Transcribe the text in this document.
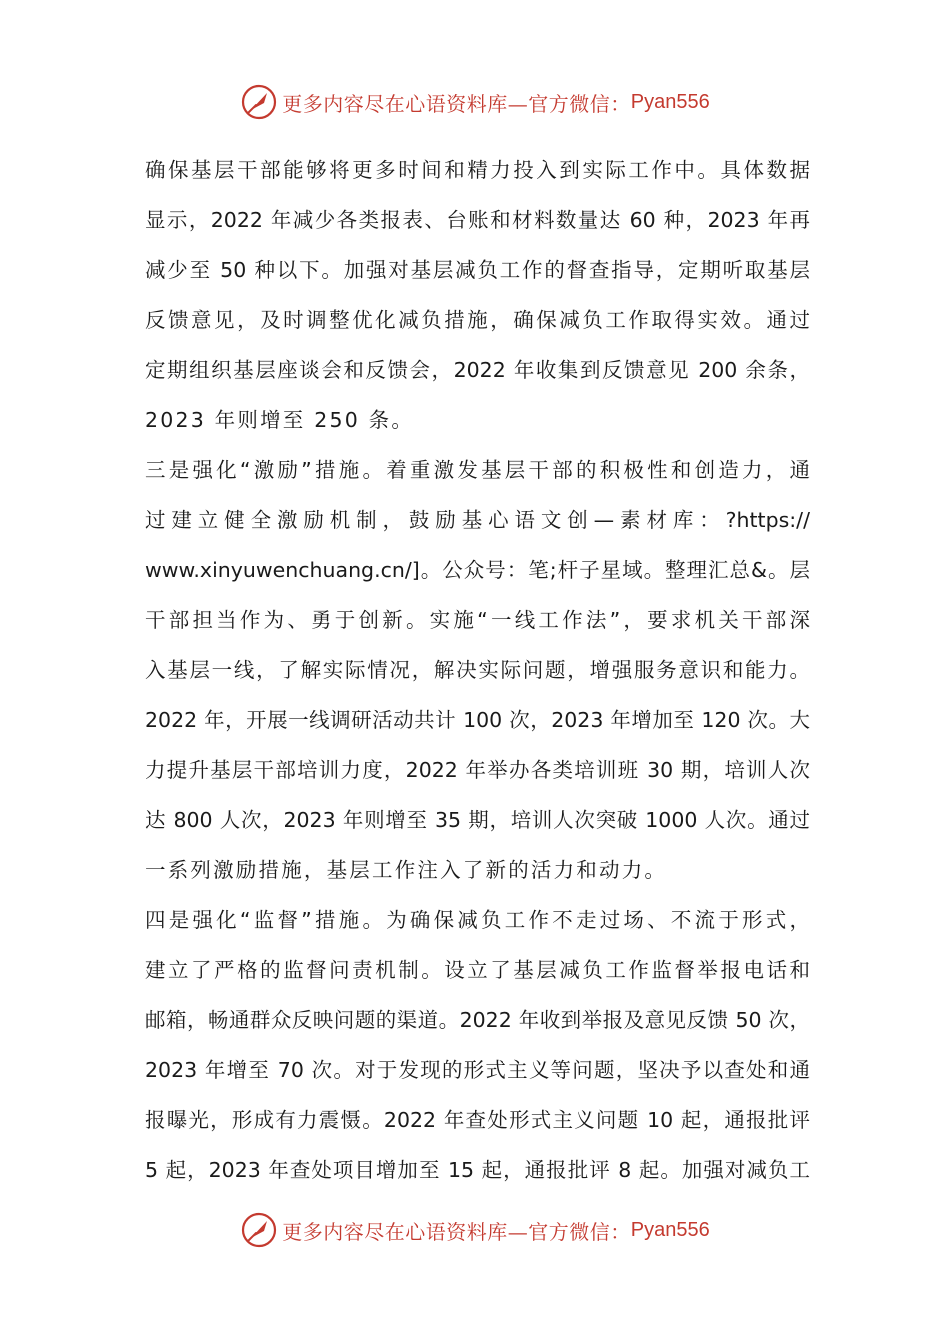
更多内容尽在心语资料库—官方微信： Pyan556
确保基层干部能够将更多时间和精力投入到实际工作中。具体数据
显示，2022 年减少各类报表、台账和材料数量达 60 种，2023 年再
减少至 50 种以下。加强对基层减负工作的督查指导，定期听取基层
反馈意见，及时调整优化减负措施，确保减负工作取得实效。通过
定期组织基层座谈会和反馈会，2022 年收集到反馈意见 200 余条，
2023 年则增至 250 条。
三是强化“激励”措施。着重激发基层干部的积极性和创造力，通
过建立健全激励机制，鼓励基心语文创—素材库：?https://
www.xinyuwenchuang.cn/]。公众号：笔;杆子星域。整理汇总&。层
干部担当作为、勇于创新。实施“一线工作法”，要求机关干部深
入基层一线，了解实际情况，解决实际问题，增强服务意识和能力。
2022 年，开展一线调研活动共计 100 次，2023 年增加至 120 次。大
力提升基层干部培训力度，2022 年举办各类培训班 30 期，培训人次
达 800 人次，2023 年则增至 35 期，培训人次突破 1000 人次。通过
一系列激励措施，基层工作注入了新的活力和动力。
四是强化“监督”措施。为确保减负工作不走过场、不流于形式，
建立了严格的监督问责机制。设立了基层减负工作监督举报电话和
邮箱，畅通群众反映问题的渠道。2022 年收到举报及意见反馈 50 次，
2023 年增至 70 次。对于发现的形式主义等问题，坚决予以查处和通
报曝光，形成有力震慑。2022 年查处形式主义问题 10 起，通报批评
5 起，2023 年查处项目增加至 15 起，通报批评 8 起。加强对减负工
更多内容尽在心语资料库—官方微信： Pyan556
